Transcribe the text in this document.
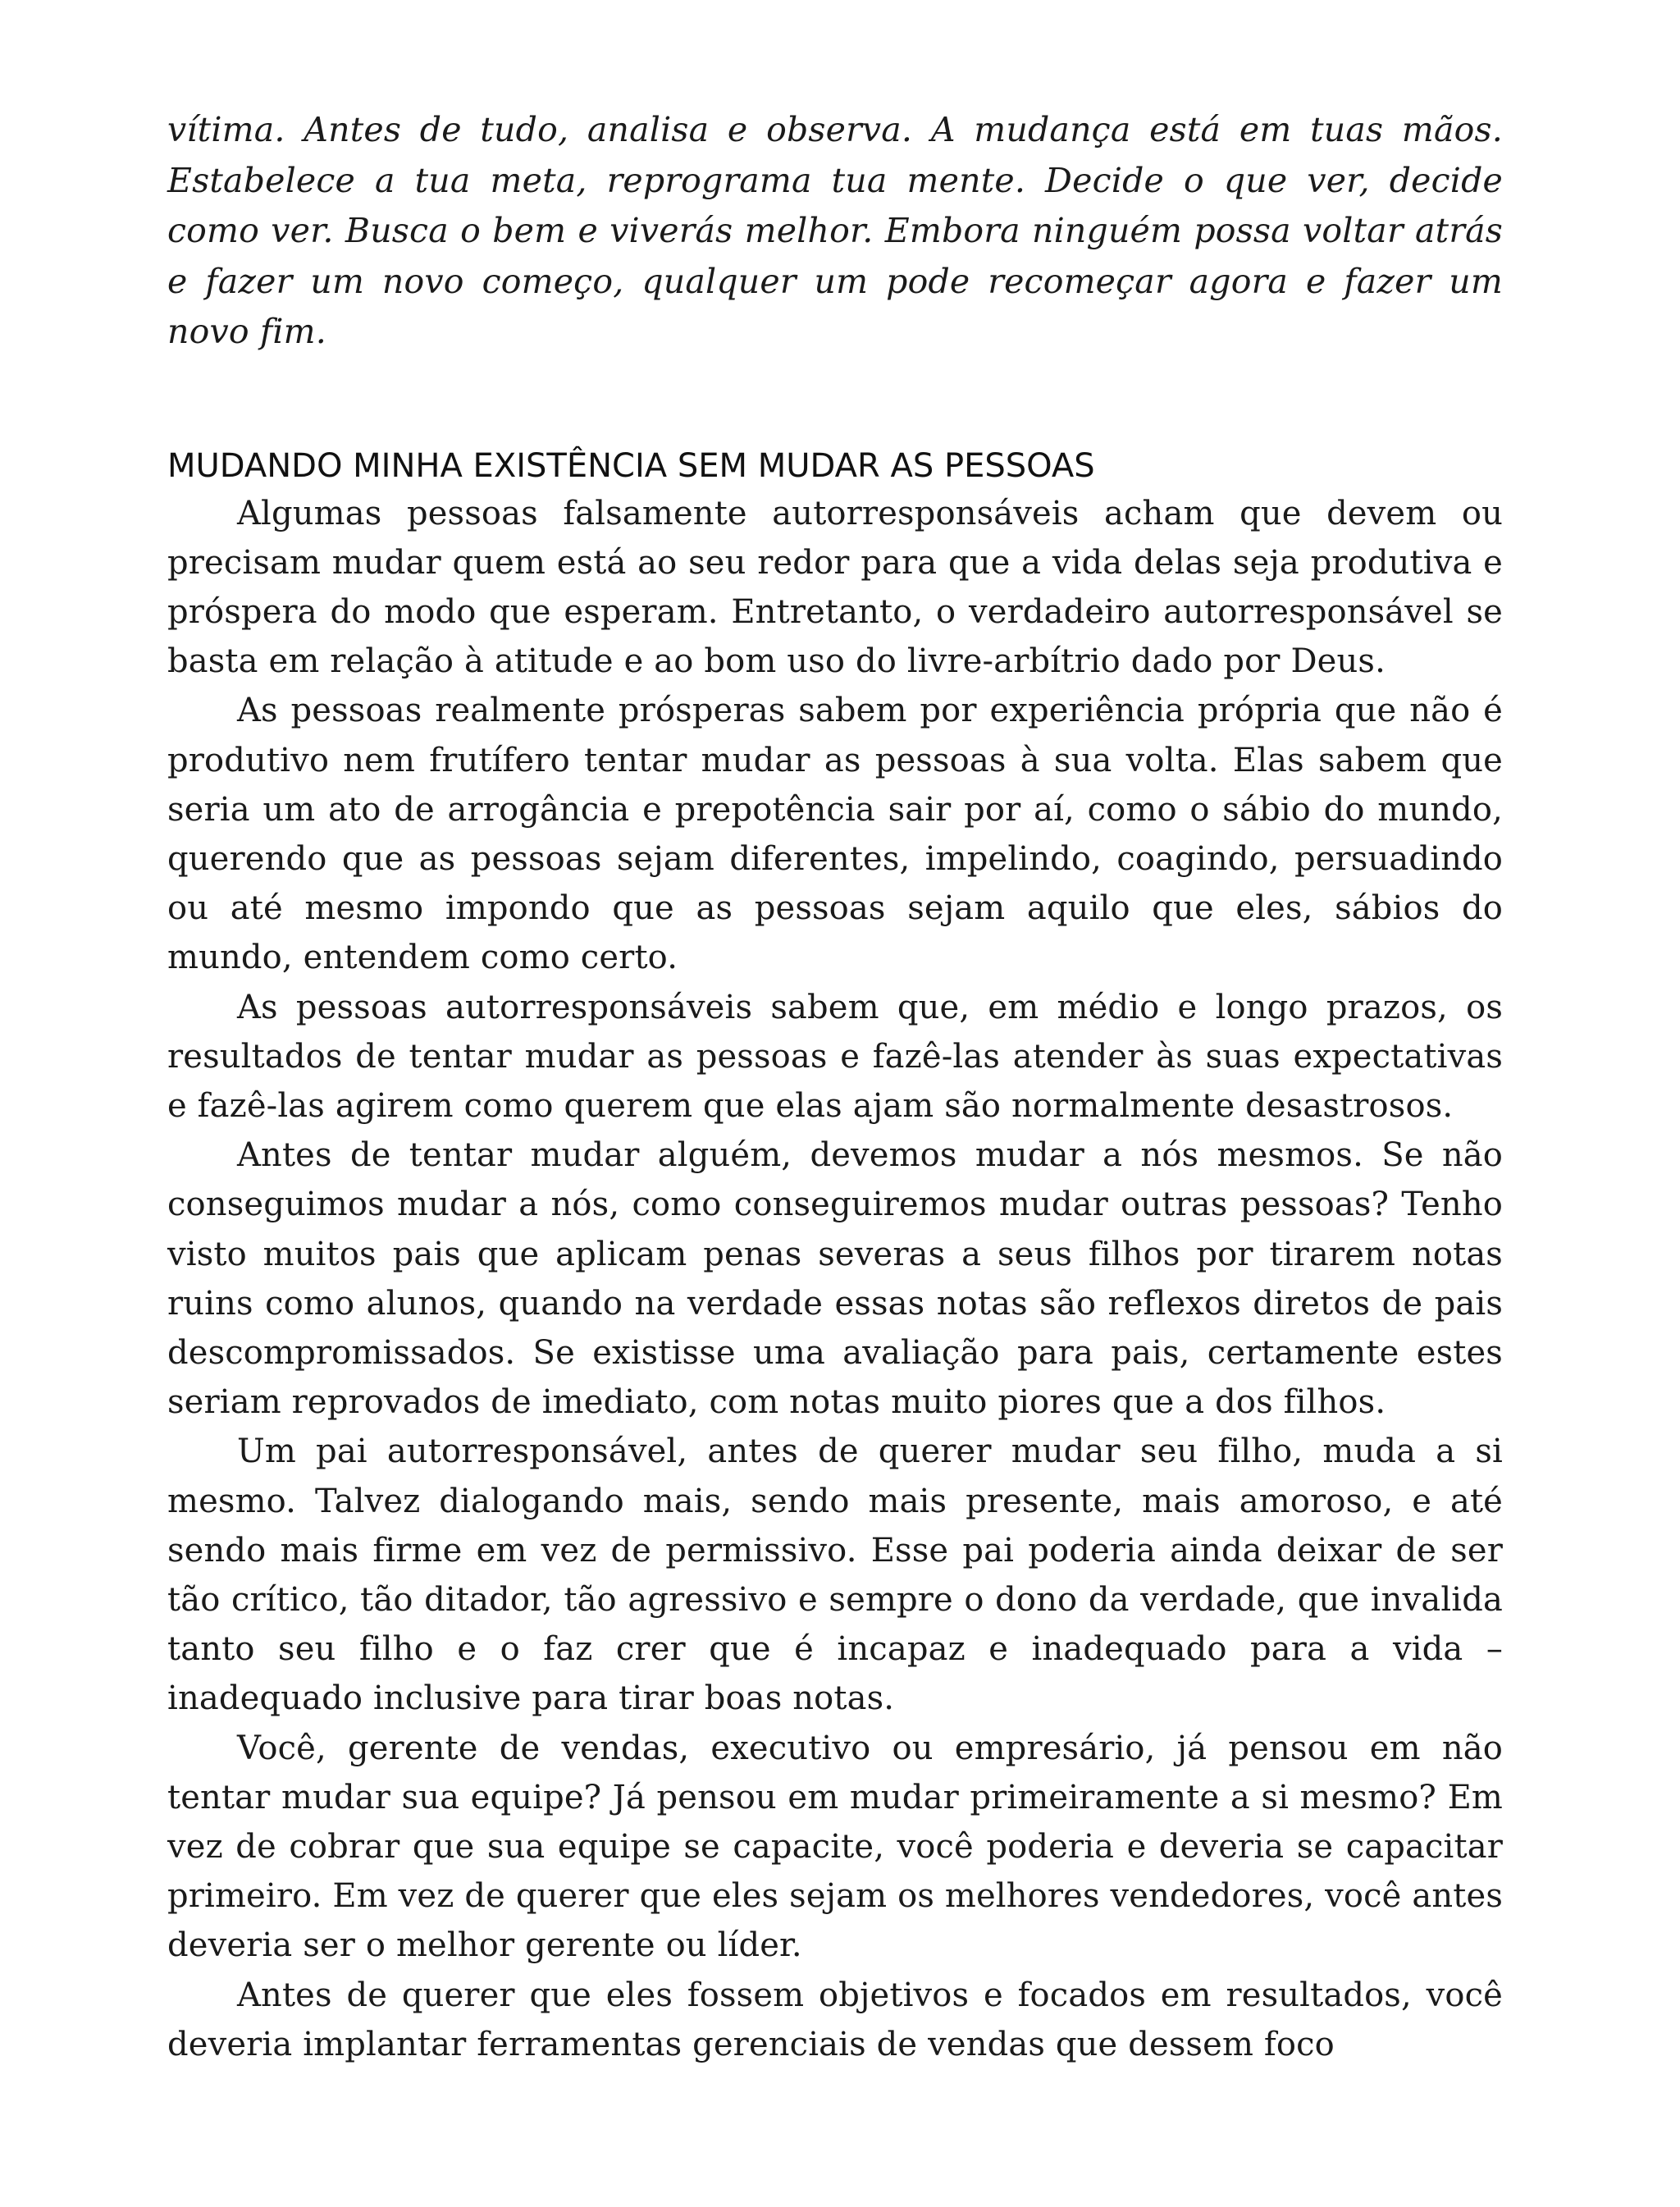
vítima. Antes de tudo, analisa e observa. A mudança está em tuas mãos. Estabelece a tua meta, reprograma tua mente. Decide o que ver, decide como ver. Busca o bem e viverás melhor. Embora ninguém possa voltar atrás e fazer um novo começo, qualquer um pode recomeçar agora e fazer um novo fim.

MUDANDO MINHA EXISTÊNCIA SEM MUDAR AS PESSOAS

Algumas pessoas falsamente autorresponsáveis acham que devem ou precisam mudar quem está ao seu redor para que a vida delas seja produtiva e próspera do modo que esperam. Entretanto, o verdadeiro autorresponsável se basta em relação à atitude e ao bom uso do livre-arbítrio dado por Deus.

As pessoas realmente prósperas sabem por experiência própria que não é produtivo nem frutífero tentar mudar as pessoas à sua volta. Elas sabem que seria um ato de arrogância e prepotência sair por aí, como o sábio do mundo, querendo que as pessoas sejam diferentes, impelindo, coagindo, persuadindo ou até mesmo impondo que as pessoas sejam aquilo que eles, sábios do mundo, entendem como certo.

As pessoas autorresponsáveis sabem que, em médio e longo prazos, os resultados de tentar mudar as pessoas e fazê-las atender às suas expectativas e fazê-las agirem como querem que elas ajam são normalmente desastrosos.

Antes de tentar mudar alguém, devemos mudar a nós mesmos. Se não conseguimos mudar a nós, como conseguiremos mudar outras pessoas? Tenho visto muitos pais que aplicam penas severas a seus filhos por tirarem notas ruins como alunos, quando na verdade essas notas são reflexos diretos de pais descompromissados. Se existisse uma avaliação para pais, certamente estes seriam reprovados de imediato, com notas muito piores que a dos filhos.

Um pai autorresponsável, antes de querer mudar seu filho, muda a si mesmo. Talvez dialogando mais, sendo mais presente, mais amoroso, e até sendo mais firme em vez de permissivo. Esse pai poderia ainda deixar de ser tão crítico, tão ditador, tão agressivo e sempre o dono da verdade, que invalida tanto seu filho e o faz crer que é incapaz e inadequado para a vida – inadequado inclusive para tirar boas notas.

Você, gerente de vendas, executivo ou empresário, já pensou em não tentar mudar sua equipe? Já pensou em mudar primeiramente a si mesmo? Em vez de cobrar que sua equipe se capacite, você poderia e deveria se capacitar primeiro. Em vez de querer que eles sejam os melhores vendedores, você antes deveria ser o melhor gerente ou líder.

Antes de querer que eles fossem objetivos e focados em resultados, você deveria implantar ferramentas gerenciais de vendas que dessem foco
